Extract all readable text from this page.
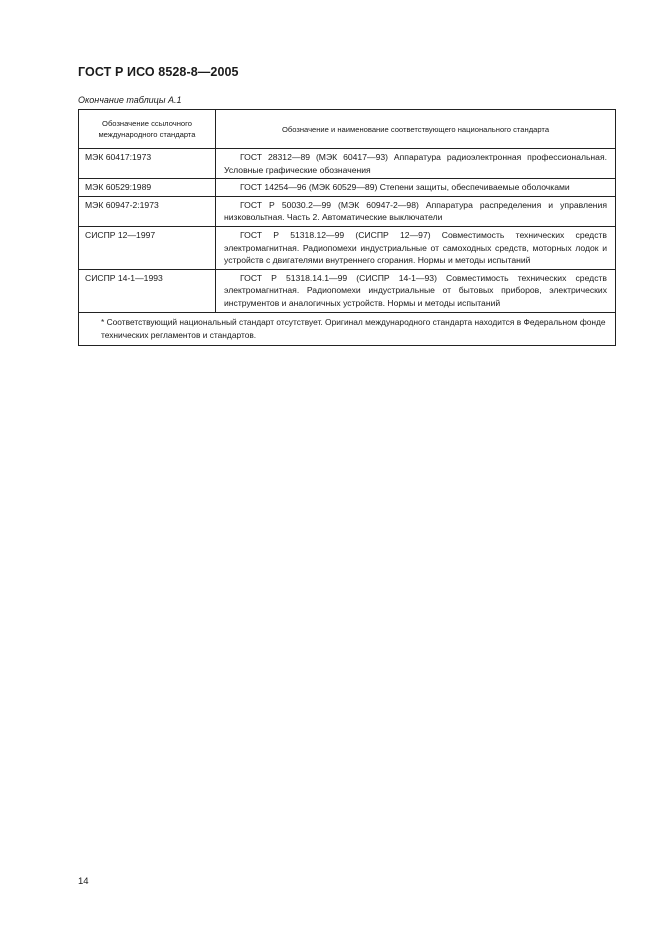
ГОСТ Р ИСО 8528-8—2005
Окончание таблицы А.1
Обозначение ссылочного международного стандарта	Обозначение и наименование соответствующего национального стандарта
МЭК 60417:1973	ГОСТ 28312—89 (МЭК 60417—93) Аппаратура радиоэлектронная профессиональная. Условные графические обозначения
МЭК 60529:1989	ГОСТ 14254—96 (МЭК 60529—89) Степени защиты, обеспечиваемые оболочками
МЭК 60947-2:1973	ГОСТ Р 50030.2—99 (МЭК 60947-2—98) Аппаратура распределения и управления низковольтная. Часть 2. Автоматические выключатели
СИСПР 12—1997	ГОСТ Р 51318.12—99 (СИСПР 12—97) Совместимость технических средств электромагнитная. Радиопомехи индустриальные от самоходных средств, моторных лодок и устройств с двигателями внутреннего сгорания. Нормы и методы испытаний
СИСПР 14-1—1993	ГОСТ Р 51318.14.1—99 (СИСПР 14-1—93) Совместимость технических средств электромагнитная. Радиопомехи индустриальные от бытовых приборов, электрических инструментов и аналогичных устройств. Нормы и методы испытаний

* Соответствующий национальный стандарт отсутствует. Оригинал международного стандарта находится в Федеральном фонде технических регламентов и стандартов.	
14
